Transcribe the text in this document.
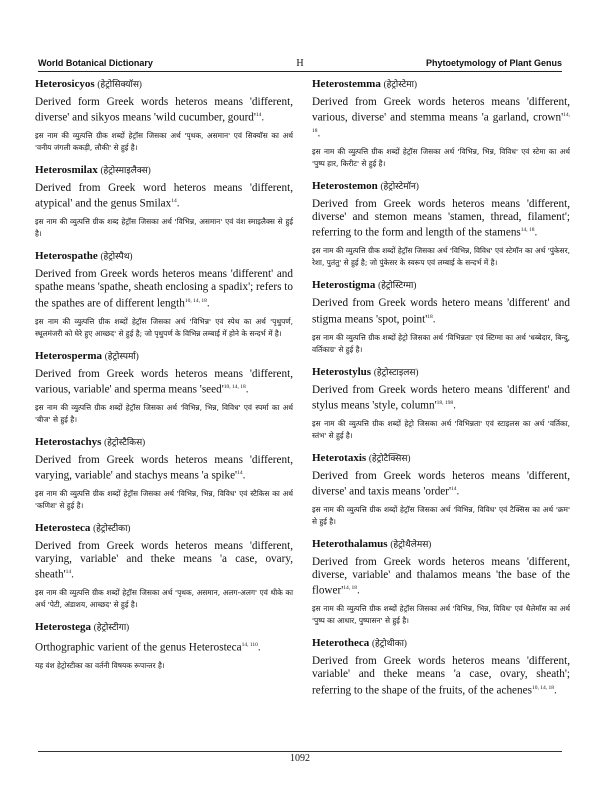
World Botanical Dictionary	H	Phytoetymology of Plant Genus
Heterosicyos (हेट्रोसिक्यॉस)

Derived form Greek words heteros means 'different, diverse' and sikyos means 'wild cucumber, $gourd'^{14}$.

इस नाम की व्युत्पत्ति ग्रीक शब्दों हेट्रॉस जिसका अर्थ 'पृथक, असमान' एवं सिक्यॉस का अर्थ 'वनीय जंगली ककड़ी, लौकी' से हुई है।

Heterosmilax (हेट्रोस्माइलैक्स)

Derived from Greek word heteros means 'different, atypical' and the genus Smilax$^{14}$.

इस नाम की व्युत्पत्ति ग्रीक शब्द हेट्रॉस जिसका अर्थ 'विभिन्न, असमान' एवं वंश स्माइलैक्स से हुई है।

Heterospathe (हेट्रोस्पैथ)

Derived from Greek words heteros means 'different' and spathe means 'spathe, sheath enclosing a spadix'; refers to the spathes are of different length$^{10, 14, 18}$.

इस नाम की व्युत्पत्ति ग्रीक शब्दों हेट्रॉस जिसका अर्थ 'विभिन्न' एवं स्पेथ का अर्थ 'पृथुपर्ण, स्थूलमंजरी को घेरे हुए आच्छद' से हुई है; जो पृथुपर्ण के विभिन्न लम्बाई में होने के सन्दर्भ में है।

Heterosperma (हेट्रोस्पर्मा)

Derived from Greek words heteros means 'different, various, variable' and sperma means '$seed'^{10, 14, 18}$.

इस नाम की व्युत्पत्ति ग्रीक शब्दों हेट्रॉस जिसका अर्थ 'विभिन्न, भिन्न, विविध' एवं स्पर्मा का अर्थ 'बीज' से हुई है।

Heterostachys (हेट्रोस्टैकिस)

Derived from Greek words heteros means 'different, varying, variable' and stachys means 'a $spike'^{14}$.

इस नाम की व्युत्पत्ति ग्रीक शब्दों हेट्रॉस जिसका अर्थ 'विभिन्न, भिन्न, विविध' एवं स्टैकिस का अर्थ 'कणिश' से हुई है।

Heterosteca (हेट्रोस्टीका)

Derived from Greek words heteros means 'different, varying, variable' and theke means 'a case, ovary, $sheath'^{14}$.

इस नाम की व्युत्पत्ति ग्रीक शब्दों हेट्रॉस जिसका अर्थ 'पृथक, असमान, अलग-अलग' एवं थीके का अर्थ 'पेटी, अंडाशय, आच्छद' से हुई है।

Heterostega (हेट्रोस्टीगा)

Orthographic varient of the genus Heterosteca$^{14, 110}$.

यह वंश हेट्रोस्टीका का वर्तनी विषयक रूपान्तर है।

Heterostemma (हेट्रोस्टेमा)

Derived from Greek words heteros means 'different, various, diverse' and stemma means 'a garland, $crown'^{14, 18}$.

इस नाम की व्युत्पत्ति ग्रीक शब्दों हेट्रॉस जिसका अर्थ 'विभिन्न, भिन्न, विविध' एवं स्टेमा का अर्थ 'पुष्प हार, किरीट' से हुई है।

Heterostemon (हेट्रोस्टेमॉन)

Derived from Greek words heteros means 'different, diverse' and stemon means 'stamen, thread, filament'; referring to the form and length of the stamens$^{14, 18}$.

इस नाम की व्युत्पत्ति ग्रीक शब्दों हेट्रॉस जिसका अर्थ 'विभिन्न, विविध' एवं स्टेमॉन का अर्थ 'पुंकेसर, रेशा, पुतंतु' से हुई है; जो पुंकेसर के स्वरूप एवं लम्बाई के सन्दर्भ में है।

Heterostigma (हेट्रोस्टिग्मा)

Derived from Greek words hetero means 'different' and stigma means 'spot, $point'^{18}$.

इस नाम की व्युत्पत्ति ग्रीक शब्दों हेट्रो जिसका अर्थ 'विभिन्नता' एवं स्टिग्मा का अर्थ 'धब्बेदार, बिन्दु, वर्तिकाग्र' से हुई है।

Heterostylus (हेट्रोस्टाइलस)

Derived from Greek words hetero means 'different' and stylus means 'style, $column'^{18, 198}$.

इस नाम की व्युत्पत्ति ग्रीक शब्दों हेट्रो जिसका अर्थ 'विभिन्नता' एवं स्टाइलस का अर्थ 'वर्तिका, स्तंभ' से हुई है।

Heterotaxis (हेट्रोटैक्सिस)

Derived from Greek words heteros means 'different, diverse' and taxis means '$order'^{14}$.

इस नाम की व्युत्पत्ति ग्रीक शब्दों हेट्रॉस जिसका अर्थ 'विभिन्न, विविध' एवं टैक्सिस का अर्थ 'क्रम' से हुई है।

Heterothalamus (हेट्रोथैलेमस)

Derived from Greek words heteros means 'different, diverse, variable' and thalamos means 'the base of the $flower'^{14, 18}$.

इस नाम की व्युत्पत्ति ग्रीक शब्दों हेट्रॉस जिसका अर्थ 'विभिन्न, भिन्न, विविध' एवं थैलेमॉस का अर्थ 'पुष्प का आधार, पुष्पासन' से हुई है।

Heterotheca (हेट्रोथीका)

Derived from Greek words heteros means 'different, variable' and theke means 'a case, ovary, sheath'; referring to the shape of the fruits, of the achenes$^{10, 14, 18}$.

1092
